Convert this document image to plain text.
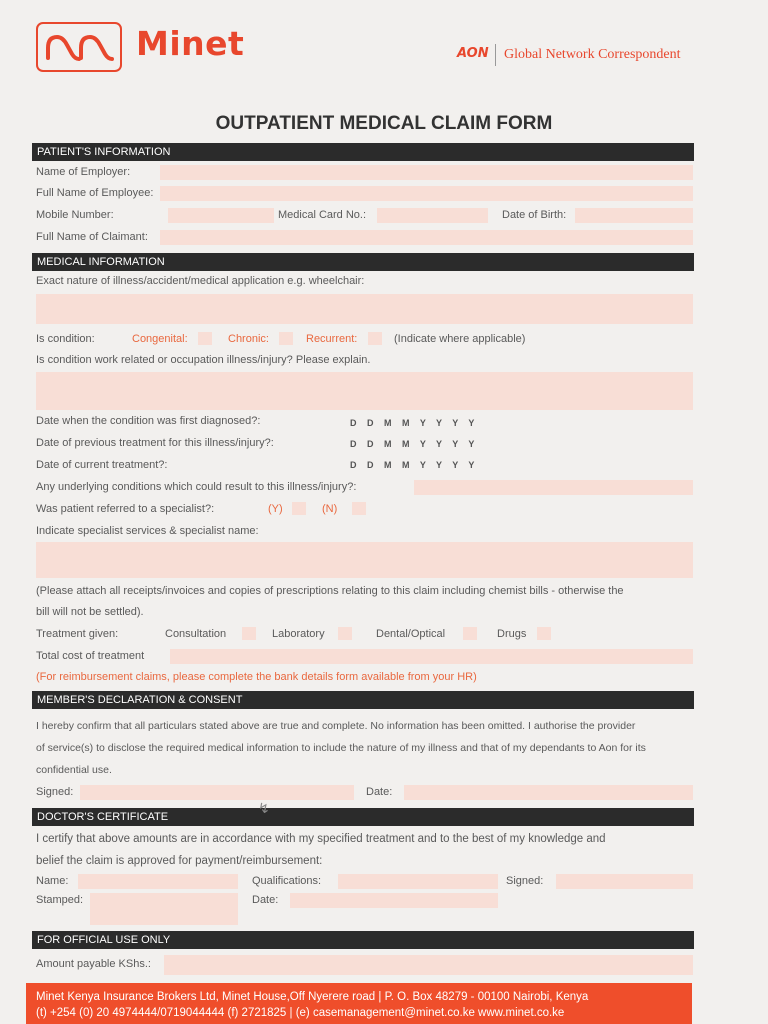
Minet	AON Global Network Correspondent
OUTPATIENT MEDICAL CLAIM FORM
PATIENT'S INFORMATION
Name of Employer:
Full Name of Employee:
Mobile Number:	Medical Card No.:	Date of Birth:
Full Name of Claimant:
MEDICAL INFORMATION
Exact nature of illness/accident/medical application e.g. wheelchair:
Is condition:	Congenital:	Chronic:	Recurrent:	(Indicate where applicable)
Is condition work related or occupation illness/injury? Please explain.
Date when the condition was first diagnosed?:	D D M M Y Y Y Y
Date of previous treatment for this illness/injury?:	D D M M Y Y Y Y
Date of current treatment?:	D D M M Y Y Y Y
Any underlying conditions which could result to this illness/injury?:
Was patient referred to a specialist?:	(Y)	(N)
Indicate specialist services & specialist name:
(Please attach all receipts/invoices and copies of prescriptions relating to this claim including chemist bills - otherwise the
bill will not be settled).
Treatment given:	Consultation	Laboratory	Dental/Optical	Drugs
Total cost of treatment
(For reimbursement claims, please complete the bank details form available from your HR)
MEMBER'S DECLARATION & CONSENT
I hereby confirm that all particulars stated above are true and complete. No information has been omitted. I authorise the provider
of service(s) to disclose the required medical information to include the nature of my illness and that of my dependants to Aon for its
confidential use.
Signed:	Date:
DOCTOR'S CERTIFICATE
↯
I certify that above amounts are in accordance with my specified treatment and to the best of my knowledge and
belief the claim is approved for payment/reimbursement:
Name:	Qualifications:	Signed:
Stamped:	Date:
FOR OFFICIAL USE ONLY
Amount payable KShs.:
Minet Kenya Insurance Brokers Ltd, Minet House,Off Nyerere road | P. O. Box 48279 - 00100 Nairobi, Kenya
(t) +254 (0) 20 4974444/0719044444 (f) 2721825 | (e) casemanagement@minet.co.ke www.minet.co.ke
